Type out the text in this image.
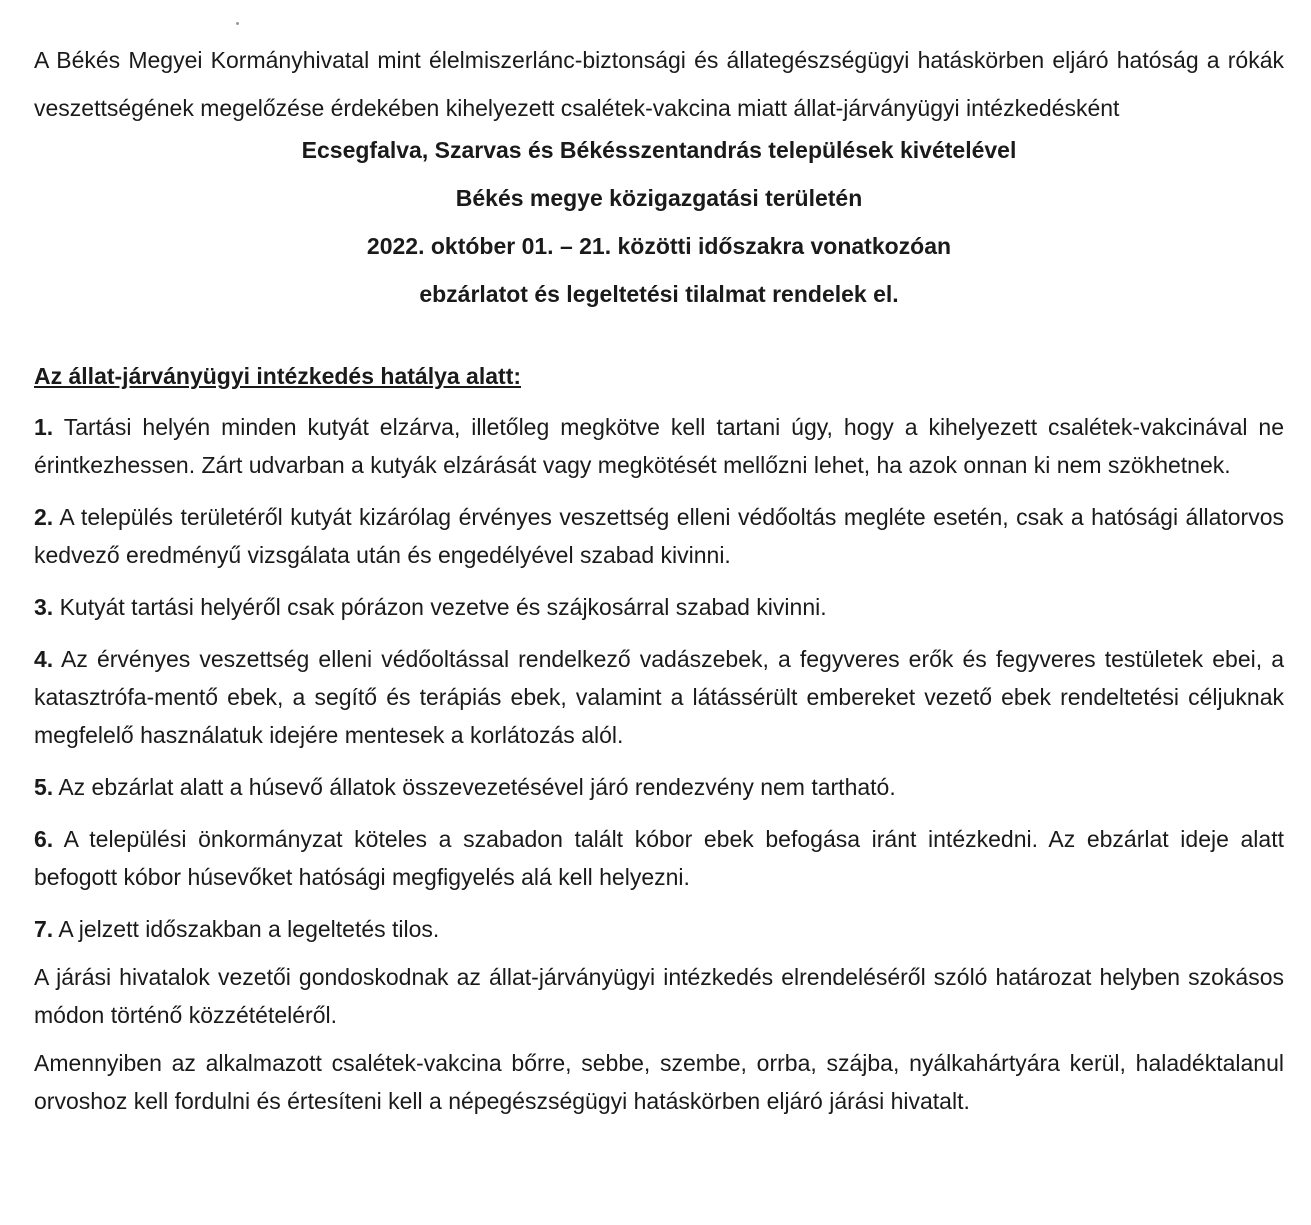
A Békés Megyei Kormányhivatal mint élelmiszerlánc-biztonsági és állategészségügyi hatáskörben eljáró hatóság a rókák veszettségének megelőzése érdekében kihelyezett csalétek-vakcina miatt állat-járványügyi intézkedésként

Ecsegfalva, Szarvas és Békésszentandrás települések kivételével
Békés megye közigazgatási területén
2022. október 01. – 21. közötti időszakra vonatkozóan
ebzárlatot és legeltetési tilalmat rendelek el.
Az állat-járványügyi intézkedés hatálya alatt:

1. Tartási helyén minden kutyát elzárva, illetőleg megkötve kell tartani úgy, hogy a kihelyezett csalétek-vakcinával ne érintkezhessen. Zárt udvarban a kutyák elzárását vagy megkötését mellőzni lehet, ha azok onnan ki nem szökhetnek.

2. A település területéről kutyát kizárólag érvényes veszettség elleni védőoltás megléte esetén, csak a hatósági állatorvos kedvező eredményű vizsgálata után és engedélyével szabad kivinni.

3. Kutyát tartási helyéről csak pórázon vezetve és szájkosárral szabad kivinni.

4. Az érvényes veszettség elleni védőoltással rendelkező vadászebek, a fegyveres erők és fegyveres testületek ebei, a katasztrófa-mentő ebek, a segítő és terápiás ebek, valamint a látássérült embereket vezető ebek rendeltetési céljuknak megfelelő használatuk idejére mentesek a korlátozás alól.

5. Az ebzárlat alatt a húsevő állatok összevezetésével járó rendezvény nem tartható.

6. A települési önkormányzat köteles a szabadon talált kóbor ebek befogása iránt intézkedni. Az ebzárlat ideje alatt befogott kóbor húsevőket hatósági megfigyelés alá kell helyezni.

7. A jelzett időszakban a legeltetés tilos.

A járási hivatalok vezetői gondoskodnak az állat-járványügyi intézkedés elrendeléséről szóló határozat helyben szokásos módon történő közzétételéről.

Amennyiben az alkalmazott csalétek-vakcina bőrre, sebbe, szembe, orrba, szájba, nyálkahártyára kerül, haladéktalanul orvoshoz kell fordulni és értesíteni kell a népegészségügyi hatáskörben eljáró járási hivatalt.
